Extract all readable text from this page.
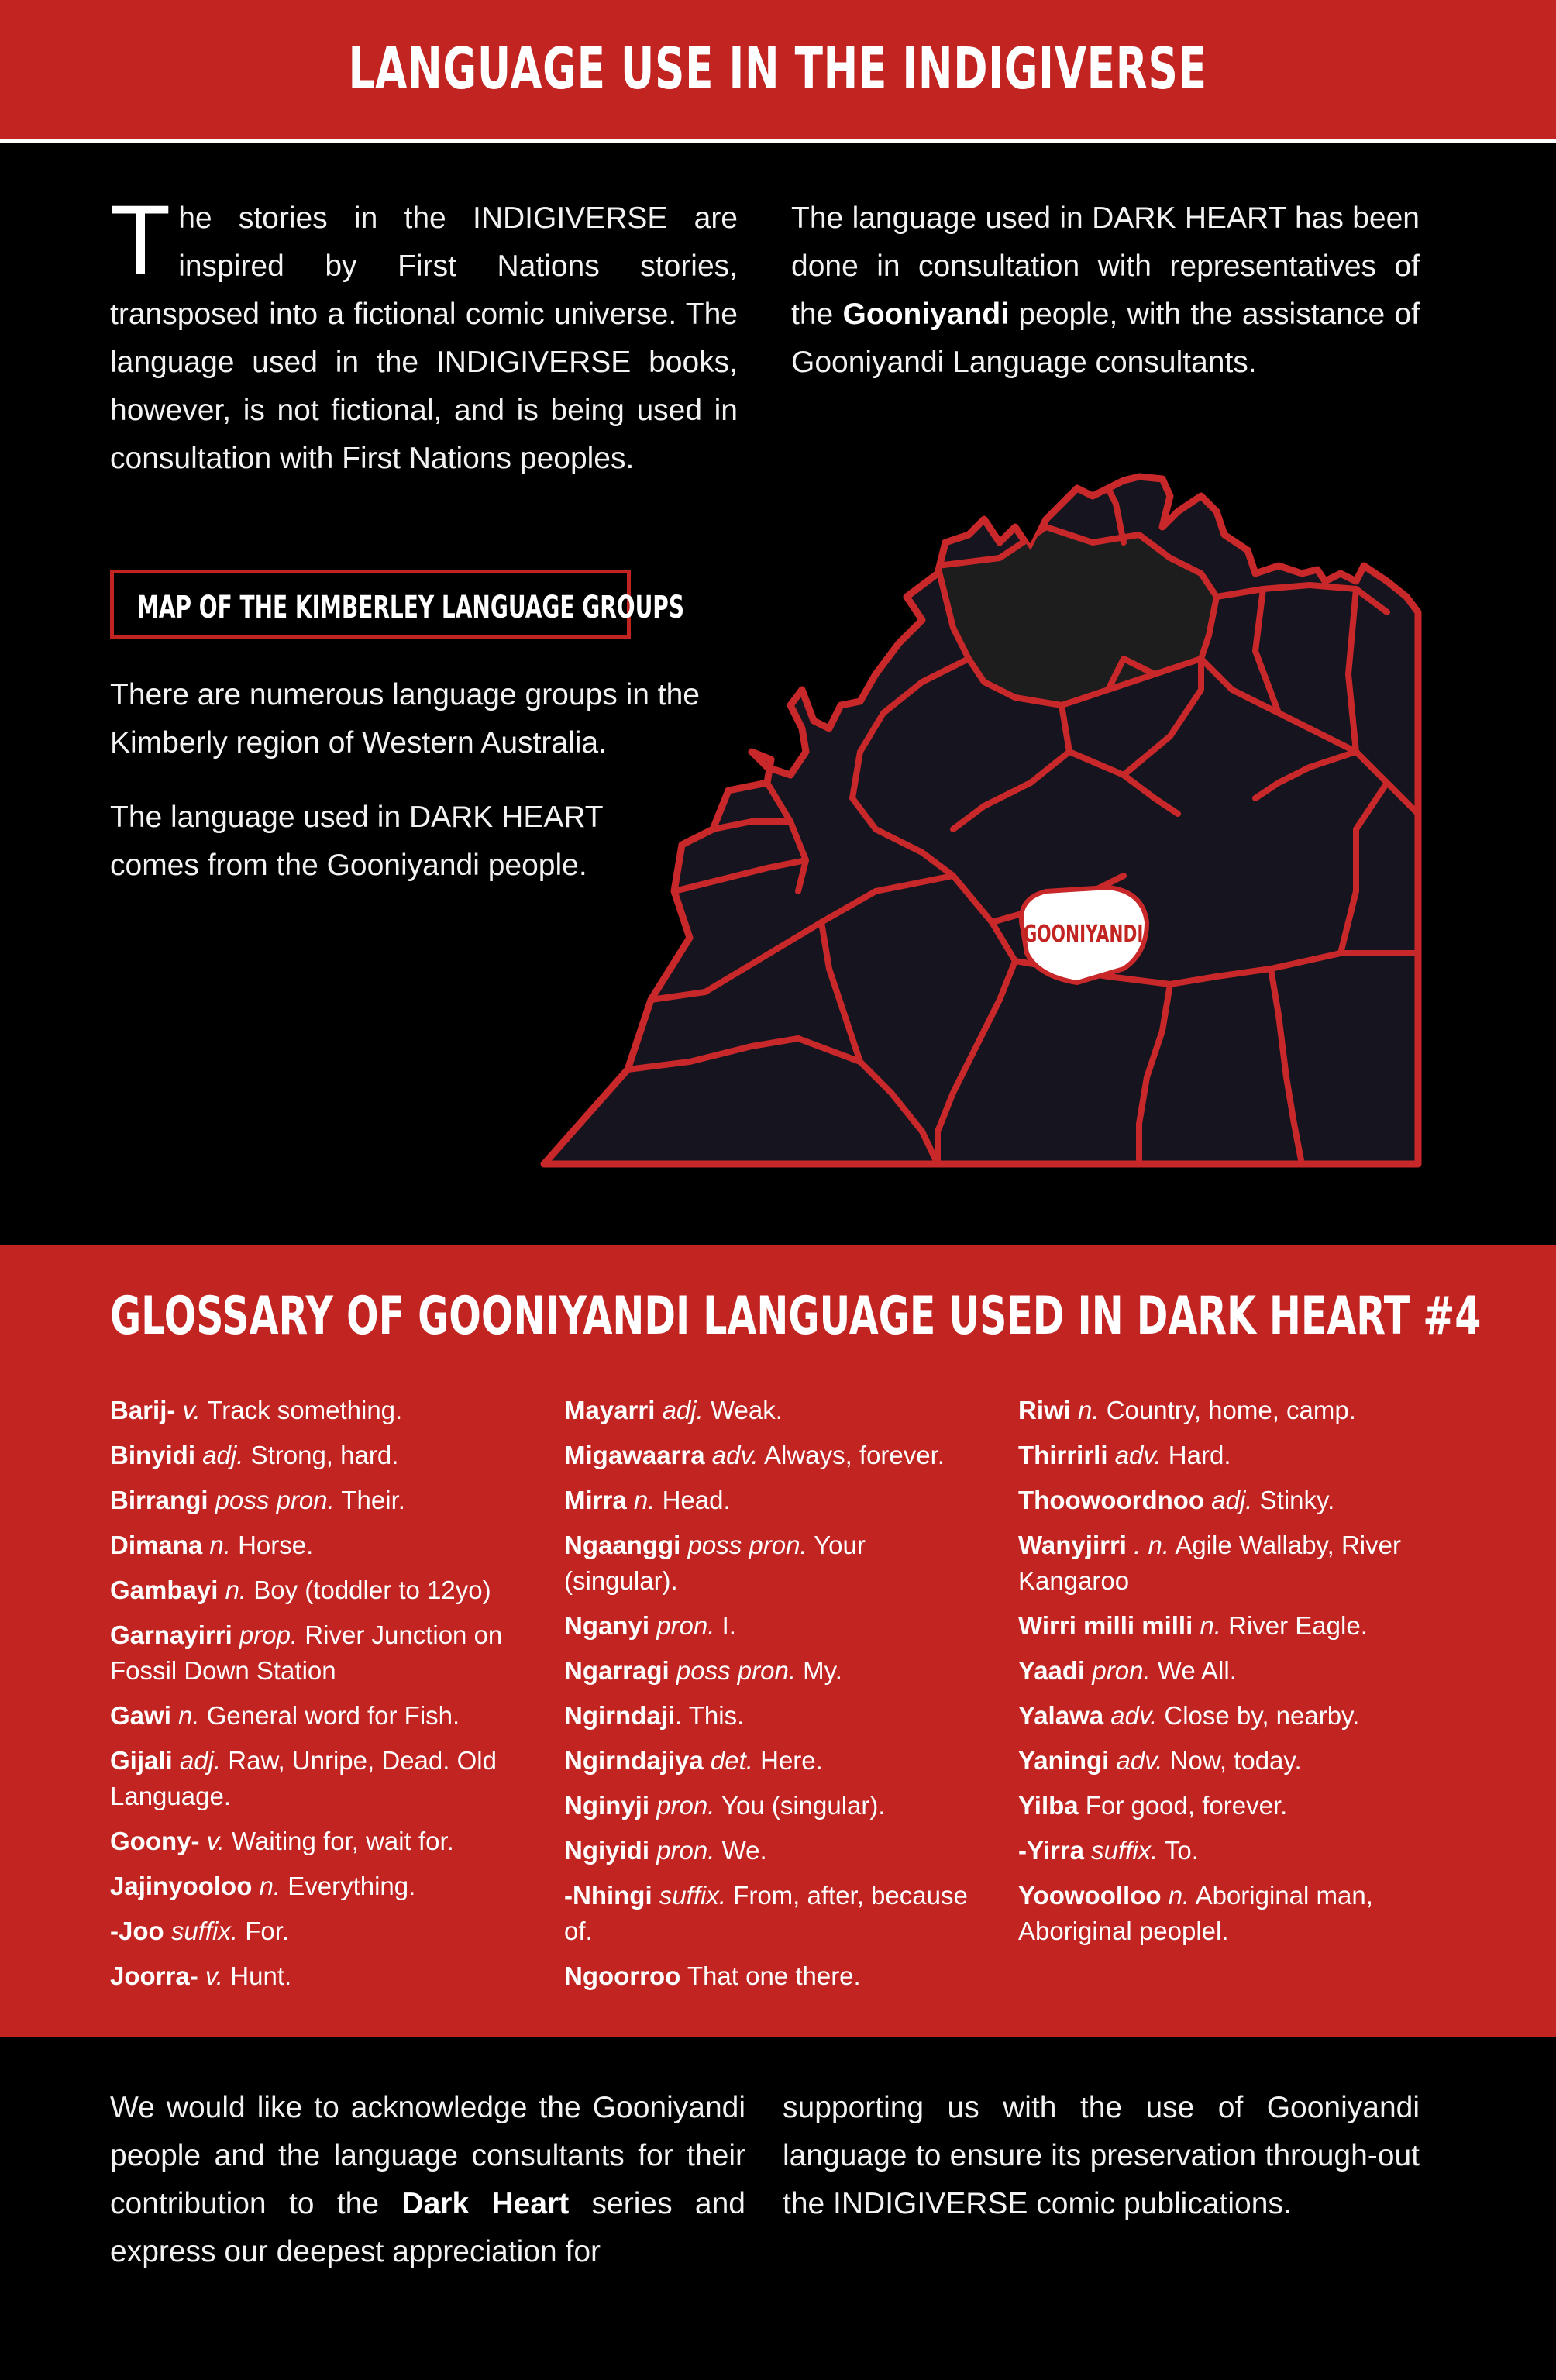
LANGUAGE USE IN THE INDIGIVERSE

The stories in the INDIGIVERSE are inspired by First Nations stories, transposed into a fictional comic universe. The language used in the INDIGIVERSE books, however, is not fictional, and is being used in consultation with First Nations peoples.

The language used in DARK HEART has been done in consultation with representatives of the Gooniyandi people, with the assistance of Gooniyandi Language consultants.

MAP OF THE KIMBERLEY LANGUAGE GROUPS

There are numerous language groups in the Kimberly region of Western Australia.

The language used in DARK HEART comes from the Gooniyandi people.

GOONIYANDI
GLOSSARY OF GOONIYANDI LANGUAGE USED IN DARK HEART #4
Barij- v. Track something.
Binyidi adj. Strong, hard.
Birrangi poss pron. Their.
Dimana n. Horse.
Gambayi n. Boy (toddler to 12yo)
Garnayirri prop. River Junction on Fossil Down Station
Gawi n. General word for Fish.
Gijali adj. Raw, Unripe, Dead. Old Language.
Goony- v. Waiting for, wait for.
Jajinyooloo n. Everything.
-Joo suffix. For.
Joorra- v. Hunt.
Mayarri adj. Weak.
Migawaarra adv. Always, forever.
Mirra n. Head.
Ngaanggi poss pron. Your (singular).
Nganyi pron. I.
Ngarragi poss pron. My.
Ngirndaji. This.
Ngirndajiya det. Here.
Nginyji pron. You (singular).
Ngiyidi pron. We.
-Nhingi suffix. From, after, because of.
Ngoorroo That one there.
Riwi n. Country, home, camp.
Thirrirli adv. Hard.
Thoowoordnoo adj. Stinky.
Wanyjirri . n. Agile Wallaby, River Kangaroo
Wirri milli milli n. River Eagle.
Yaadi pron. We All.
Yalawa adv. Close by, nearby.
Yaningi adv. Now, today.
Yilba For good, forever.
-Yirra suffix. To.
Yoowoolloo n. Aboriginal man, Aboriginal peoplel.

We would like to acknowledge the Gooniyandi people and the language consultants for their contribution to the Dark Heart series and express our deepest appreciation for

supporting us with the use of Gooniyandi language to ensure its preservation through-out the INDIGIVERSE comic publications.
